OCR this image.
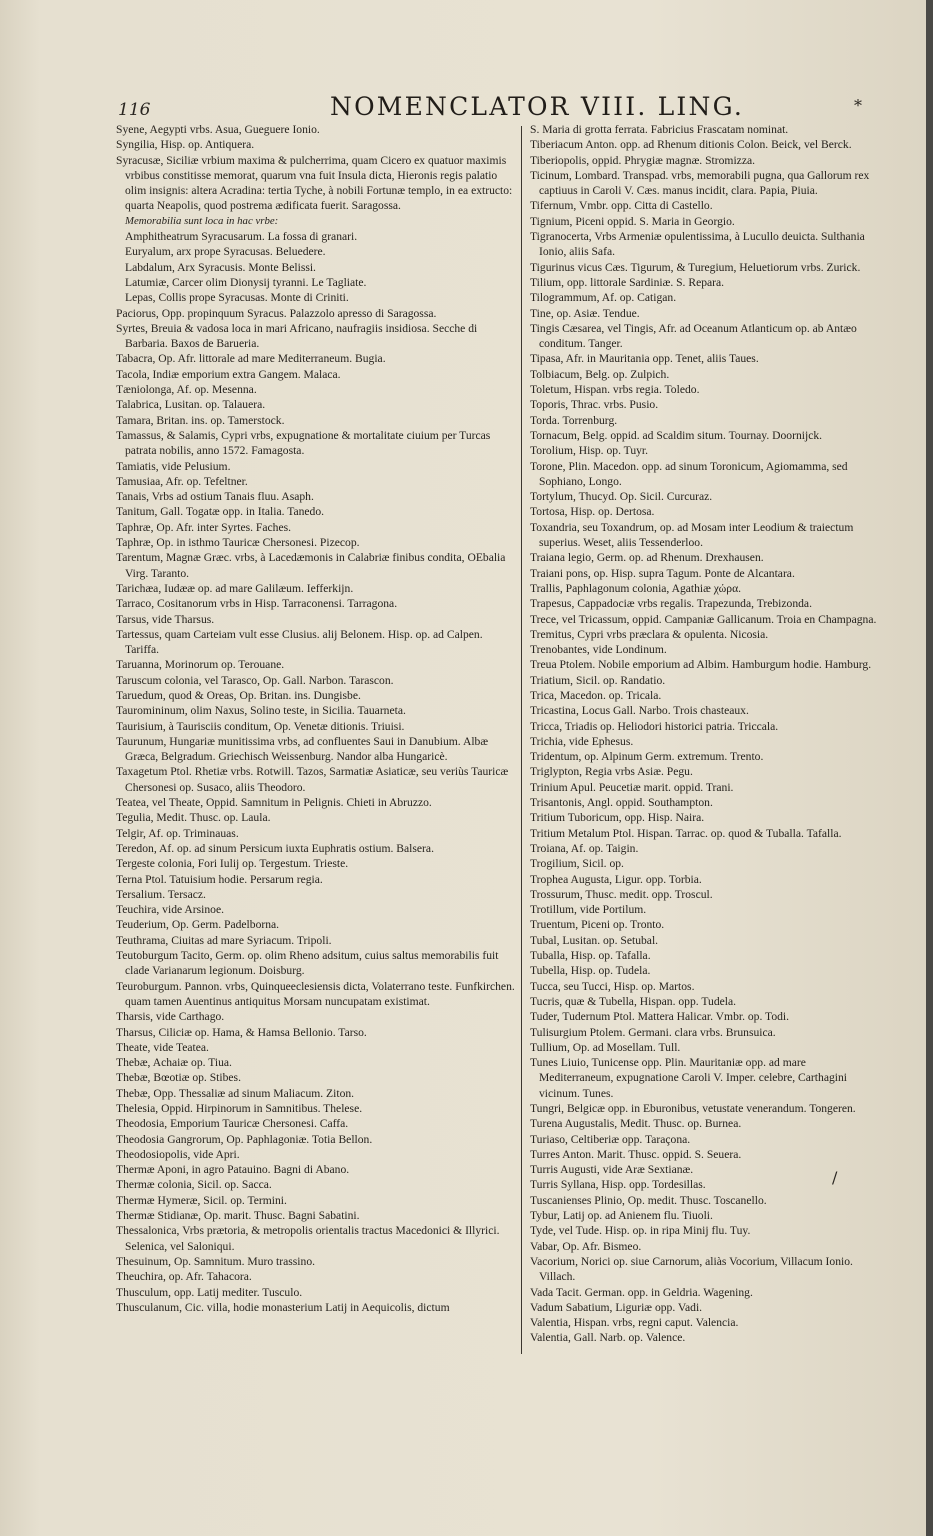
116	NOMENCLATOR VIII. LING.	*
Syene, Aegypti vrbs. Asua, Gueguere Ionio.
Syngilia, Hisp. op. Antiquera.
Syracusæ, Siciliæ vrbium maxima & pulcherrima, quam Cicero ex quatuor maximis vrbibus constitisse memorat, quarum vna fuit Insula dicta, Hieronis regis palatio olim insignis: altera Acradina: tertia Tyche, à nobili Fortunæ templo, in ea extructo: quarta Neapolis, quod postrema ædificata fuerit. Saragossa.
Memorabilia sunt loca in hac vrbe:
Amphitheatrum Syracusarum. La fossa di granari.
Euryalum, arx prope Syracusas. Beluedere.
Labdalum, Arx Syracusis. Monte Belissi.
Latumiæ, Carcer olim Dionysij tyranni. Le Tagliate.
Lepas, Collis prope Syracusas. Monte di Criniti.
Paciorus, Opp. propinquum Syracus. Palazzolo apresso di Saragossa.
Syrtes, Breuia & vadosa loca in mari Africano, naufragiis insidiosa. Secche di Barbaria. Baxos de Barueria.
Tabacra, Op. Afr. littorale ad mare Mediterraneum. Bugia.
Tacola, Indiæ emporium extra Gangem. Malaca.
Tæniolonga, Af. op. Mesenna.
Talabrica, Lusitan. op. Talauera.
Tamara, Britan. ins. op. Tamerstock.
Tamassus, & Salamis, Cypri vrbs, expugnatione & mortalitate ciuium per Turcas patrata nobilis, anno 1572. Famagosta.
Tamiatis, vide Pelusium.
Tamusiaa, Afr. op. Tefeltner.
Tanais, Vrbs ad ostium Tanais fluu. Asaph.
Tanitum, Gall. Togatæ opp. in Italia. Tanedo.
Taphræ, Op. Afr. inter Syrtes. Faches.
Taphræ, Op. in isthmo Tauricæ Chersonesi. Pizecop.
Tarentum, Magnæ Græc. vrbs, à Lacedæmonis in Calabriæ finibus condita, OEbalia Virg. Taranto.
Tarichæa, Iudææ op. ad mare Galilæum. Iefferkijn.
Tarraco, Cositanorum vrbs in Hisp. Tarraconensi. Tarragona.
Tarsus, vide Tharsus.
Tartessus, quam Carteiam vult esse Clusius. alij Belonem. Hisp. op. ad Calpen. Tariffa.
Taruanna, Morinorum op. Terouane.
Taruscum colonia, vel Tarasco, Op. Gall. Narbon. Tarascon.
Taruedum, quod & Oreas, Op. Britan. ins. Dungisbe.
Tauromininum, olim Naxus, Solino teste, in Sicilia. Tauarneta.
Taurisium, à Taurisciis conditum, Op. Venetæ ditionis. Triuisi.
Taurunum, Hungariæ munitissima vrbs, ad confluentes Saui in Danubium. Albæ Græca, Belgradum. Griechisch Weissenburg. Nandor alba Hungaricè.
Taxagetum Ptol. Rhetiæ vrbs. Rotwill. Tazos, Sarmatiæ Asiaticæ, seu veriùs Tauricæ Chersonesi op. Susaco, aliis Theodoro.
Teatea, vel Theate, Oppid. Samnitum in Pelignis. Chieti in Abruzzo.
Tegulia, Medit. Thusc. op. Laula.
Telgir, Af. op. Triminauas.
Teredon, Af. op. ad sinum Persicum iuxta Euphratis ostium. Balsera.
Tergeste colonia, Fori Iulij op. Tergestum. Trieste.
Terna Ptol. Tatuisium hodie. Persarum regia.
Tersalium. Tersacz.
Teuchira, vide Arsinoe.
Teuderium, Op. Germ. Padelborna.
Teuthrama, Ciuitas ad mare Syriacum. Tripoli.
Teutoburgum Tacito, Germ. op. olim Rheno adsitum, cuius saltus memorabilis fuit clade Varianarum legionum. Doisburg.
Teuroburgum. Pannon. vrbs, Quinqueeclesiensis dicta, Volaterrano teste. Funfkirchen. quam tamen Auentinus antiquitus Morsam nuncupatam existimat.
Tharsis, vide Carthago.
Tharsus, Ciliciæ op. Hama, & Hamsa Bellonio. Tarso.
Theate, vide Teatea.
Thebæ, Achaiæ op. Tiua.
Thebæ, Bœotiæ op. Stibes.
Thebæ, Opp. Thessaliæ ad sinum Maliacum. Ziton.
Thelesia, Oppid. Hirpinorum in Samnitibus. Thelese.
Theodosia, Emporium Tauricæ Chersonesi. Caffa.
Theodosia Gangrorum, Op. Paphlagoniæ. Totia Bellon.
Theodosiopolis, vide Apri.
Thermæ Aponi, in agro Patauino. Bagni di Abano.
Thermæ colonia, Sicil. op. Sacca.
Thermæ Hymeræ, Sicil. op. Termini.
Thermæ Stidianæ, Op. marit. Thusc. Bagni Sabatini.
Thessalonica, Vrbs prætoria, & metropolis orientalis tractus Macedonici & Illyrici. Selenica, vel Saloniqui.
Thesuinum, Op. Samnitum. Muro trassino.
Theuchira, op. Afr. Tahacora.
Thusculum, opp. Latij mediter. Tusculo.
Thusculanum, Cic. villa, hodie monasterium Latij in Aequicolis, dictum
S. Maria di grotta ferrata. Fabricius Frascatam nominat.
Tiberiacum Anton. opp. ad Rhenum ditionis Colon. Beick, vel Berck.
Tiberiopolis, oppid. Phrygiæ magnæ. Stromizza.
Ticinum, Lombard. Transpad. vrbs, memorabili pugna, qua Gallorum rex captiuus in Caroli V. Cæs. manus incidit, clara. Papia, Piuia.
Tifernum, Vmbr. opp. Citta di Castello.
Tignium, Piceni oppid. S. Maria in Georgio.
Tigranocerta, Vrbs Armeniæ opulentissima, à Lucullo deuicta. Sulthania Ionio, aliis Safa.
Tigurinus vicus Cæs. Tigurum, & Turegium, Heluetiorum vrbs. Zurick.
Tilium, opp. littorale Sardiniæ. S. Repara.
Tilogrammum, Af. op. Catigan.
Tine, op. Asiæ. Tendue.
Tingis Cæsarea, vel Tingis, Afr. ad Oceanum Atlanticum op. ab Antæo conditum. Tanger.
Tipasa, Afr. in Mauritania opp. Tenet, aliis Taues.
Tolbiacum, Belg. op. Zulpich.
Toletum, Hispan. vrbs regia. Toledo.
Toporis, Thrac. vrbs. Pusio.
Torda. Torrenburg.
Tornacum, Belg. oppid. ad Scaldim situm. Tournay. Doornijck.
Torolium, Hisp. op. Tuyr.
Torone, Plin. Macedon. opp. ad sinum Toronicum, Agiomamma, sed Sophiano, Longo.
Tortylum, Thucyd. Op. Sicil. Curcuraz.
Tortosa, Hisp. op. Dertosa.
Toxandria, seu Toxandrum, op. ad Mosam inter Leodium & traiectum superius. Weset, aliis Tessenderloo.
Traiana legio, Germ. op. ad Rhenum. Drexhausen.
Traiani pons, op. Hisp. supra Tagum. Ponte de Alcantara.
Trallis, Paphlagonum colonia, Agathiæ χώρα.
Trapesus, Cappadociæ vrbs regalis. Trapezunda, Trebizonda.
Trece, vel Tricassum, oppid. Campaniæ Gallicanum. Troia en Champagna.
Tremitus, Cypri vrbs præclara & opulenta. Nicosia.
Trenobantes, vide Londinum.
Treua Ptolem. Nobile emporium ad Albim. Hamburgum hodie. Hamburg.
Triatium, Sicil. op. Randatio.
Trica, Macedon. op. Tricala.
Tricastina, Locus Gall. Narbo. Trois chasteaux.
Tricca, Triadis op. Heliodori historici patria. Triccala.
Trichia, vide Ephesus.
Tridentum, op. Alpinum Germ. extremum. Trento.
Triglypton, Regia vrbs Asiæ. Pegu.
Trinium Apul. Peucetiæ marit. oppid. Trani.
Trisantonis, Angl. oppid. Southampton.
Tritium Tuboricum, opp. Hisp. Naira.
Tritium Metalum Ptol. Hispan. Tarrac. op. quod & Tuballa. Tafalla.
Troiana, Af. op. Taigin.
Trogilium, Sicil. op.
Trophea Augusta, Ligur. opp. Torbia.
Trossurum, Thusc. medit. opp. Troscul.
Trotillum, vide Portilum.
Truentum, Piceni op. Tronto.
Tubal, Lusitan. op. Setubal.
Tuballa, Hisp. op. Tafalla.
Tubella, Hisp. op. Tudela.
Tucca, seu Tucci, Hisp. op. Martos.
Tucris, quæ & Tubella, Hispan. opp. Tudela.
Tuder, Tudernum Ptol. Mattera Halicar. Vmbr. op. Todi.
Tulisurgium Ptolem. Germani. clara vrbs. Brunsuica.
Tullium, Op. ad Mosellam. Tull.
Tunes Liuio, Tunicense opp. Plin. Mauritaniæ opp. ad mare Mediterraneum, expugnatione Caroli V. Imper. celebre, Carthagini vicinum. Tunes.
Tungri, Belgicæ opp. in Eburonibus, vetustate venerandum. Tongeren.
Turena Augustalis, Medit. Thusc. op. Burnea.
Turiaso, Celtiberiæ opp. Taraçona.
Turres Anton. Marit. Thusc. oppid. S. Seuera.
Turris Augusti, vide Aræ Sextianæ.
Turris Syllana, Hisp. opp. Tordesillas.
Tuscanienses Plinio, Op. medit. Thusc. Toscanello.
Tybur, Latij op. ad Anienem flu. Tiuoli.
Tyde, vel Tude. Hisp. op. in ripa Minij flu. Tuy.
Vabar, Op. Afr. Bismeo.
Vacorium, Norici op. siue Carnorum, aliàs Vocorium, Villacum Ionio. Villach.
Vada Tacit. German. opp. in Geldria. Wagening.
Vadum Sabatium, Liguriæ opp. Vadi.
Valentia, Hispan. vrbs, regni caput. Valencia.
Valentia, Gall. Narb. op. Valence.
/
